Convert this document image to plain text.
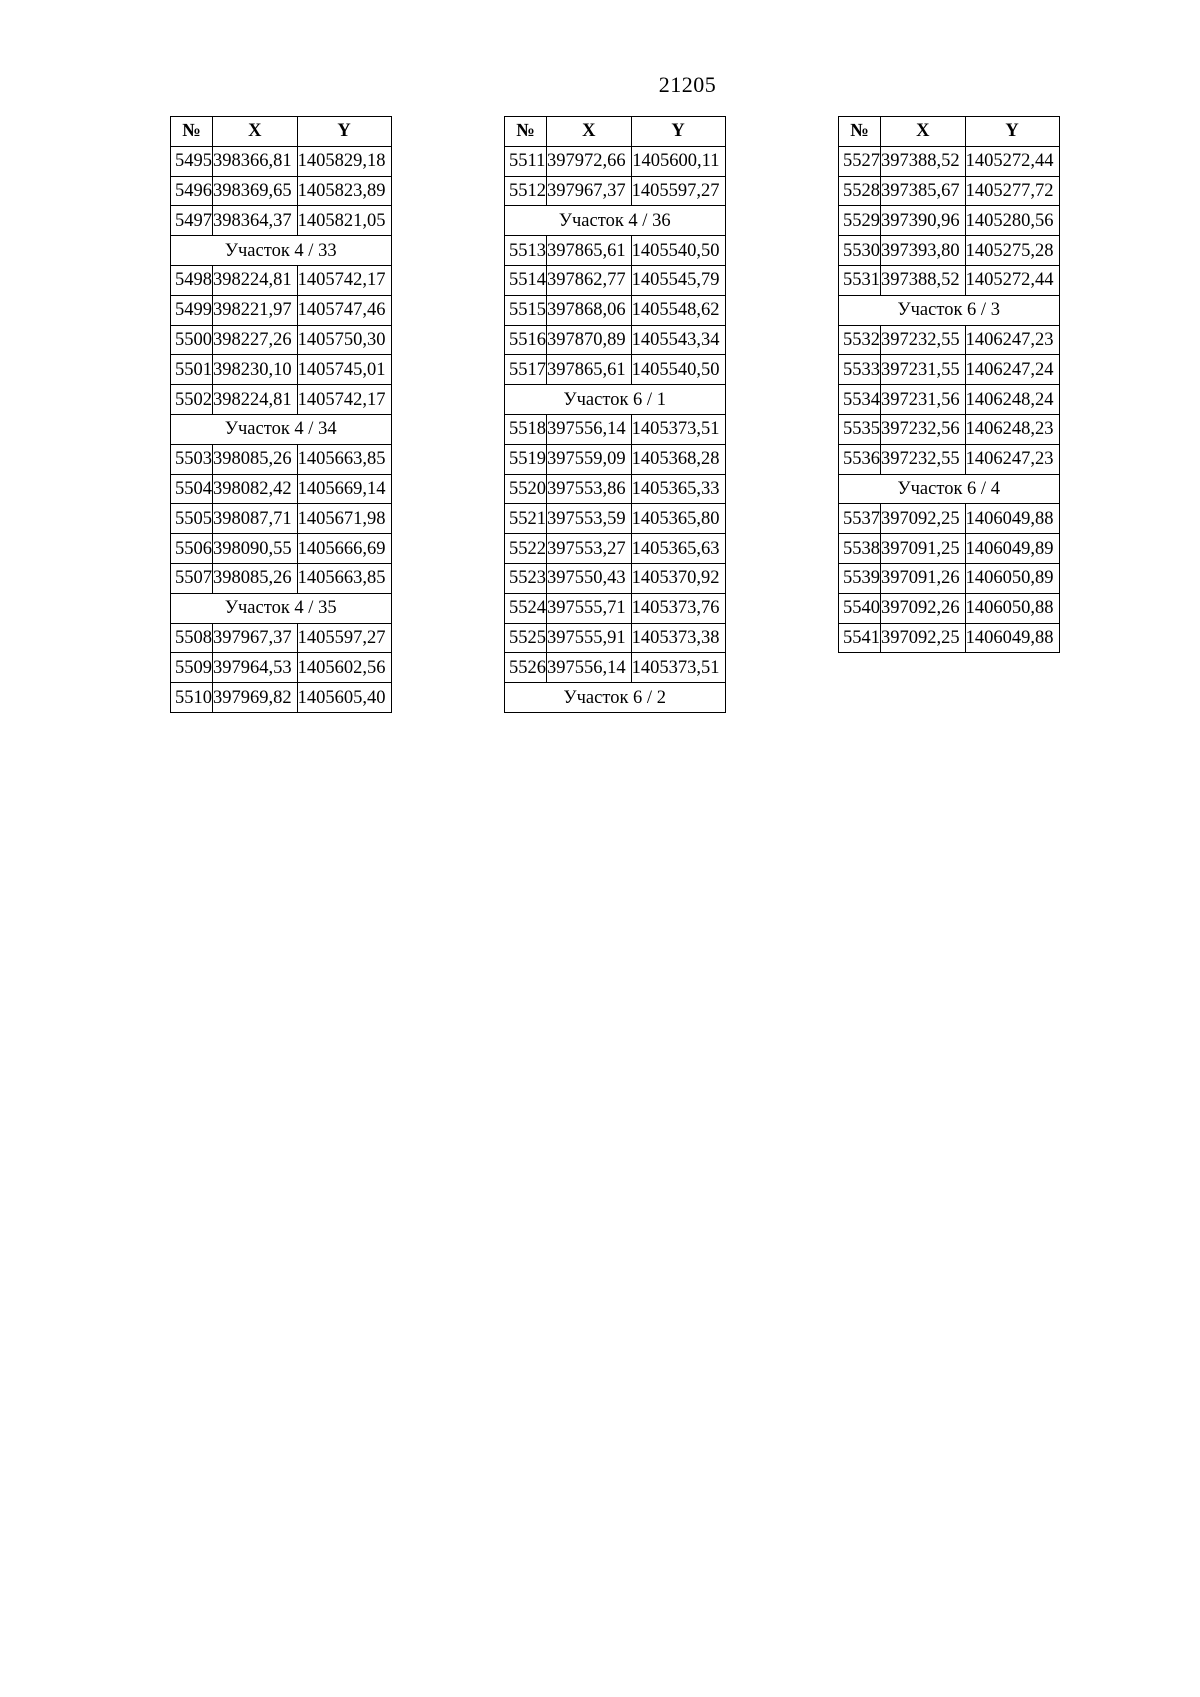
21205
№	X	Y
5495	398366,81	1405829,18
5496	398369,65	1405823,89
5497	398364,37	1405821,05
Участок 4 / 33		
5498	398224,81	1405742,17
5499	398221,97	1405747,46
5500	398227,26	1405750,30
5501	398230,10	1405745,01
5502	398224,81	1405742,17
Участок 4 / 34		
5503	398085,26	1405663,85
5504	398082,42	1405669,14
5505	398087,71	1405671,98
5506	398090,55	1405666,69
5507	398085,26	1405663,85
Участок 4 / 35		
5508	397967,37	1405597,27
5509	397964,53	1405602,56
5510	397969,82	1405605,40
№	X	Y
5511	397972,66	1405600,11
5512	397967,37	1405597,27
Участок 4 / 36		
5513	397865,61	1405540,50
5514	397862,77	1405545,79
5515	397868,06	1405548,62
5516	397870,89	1405543,34
5517	397865,61	1405540,50
Участок 6 / 1		
5518	397556,14	1405373,51
5519	397559,09	1405368,28
5520	397553,86	1405365,33
5521	397553,59	1405365,80
5522	397553,27	1405365,63
5523	397550,43	1405370,92
5524	397555,71	1405373,76
5525	397555,91	1405373,38
5526	397556,14	1405373,51
Участок 6 / 2		
№	X	Y
5527	397388,52	1405272,44
5528	397385,67	1405277,72
5529	397390,96	1405280,56
5530	397393,80	1405275,28
5531	397388,52	1405272,44
Участок 6 / 3		
5532	397232,55	1406247,23
5533	397231,55	1406247,24
5534	397231,56	1406248,24
5535	397232,56	1406248,23
5536	397232,55	1406247,23
Участок 6 / 4		
5537	397092,25	1406049,88
5538	397091,25	1406049,89
5539	397091,26	1406050,89
5540	397092,26	1406050,88
5541	397092,25	1406049,88
